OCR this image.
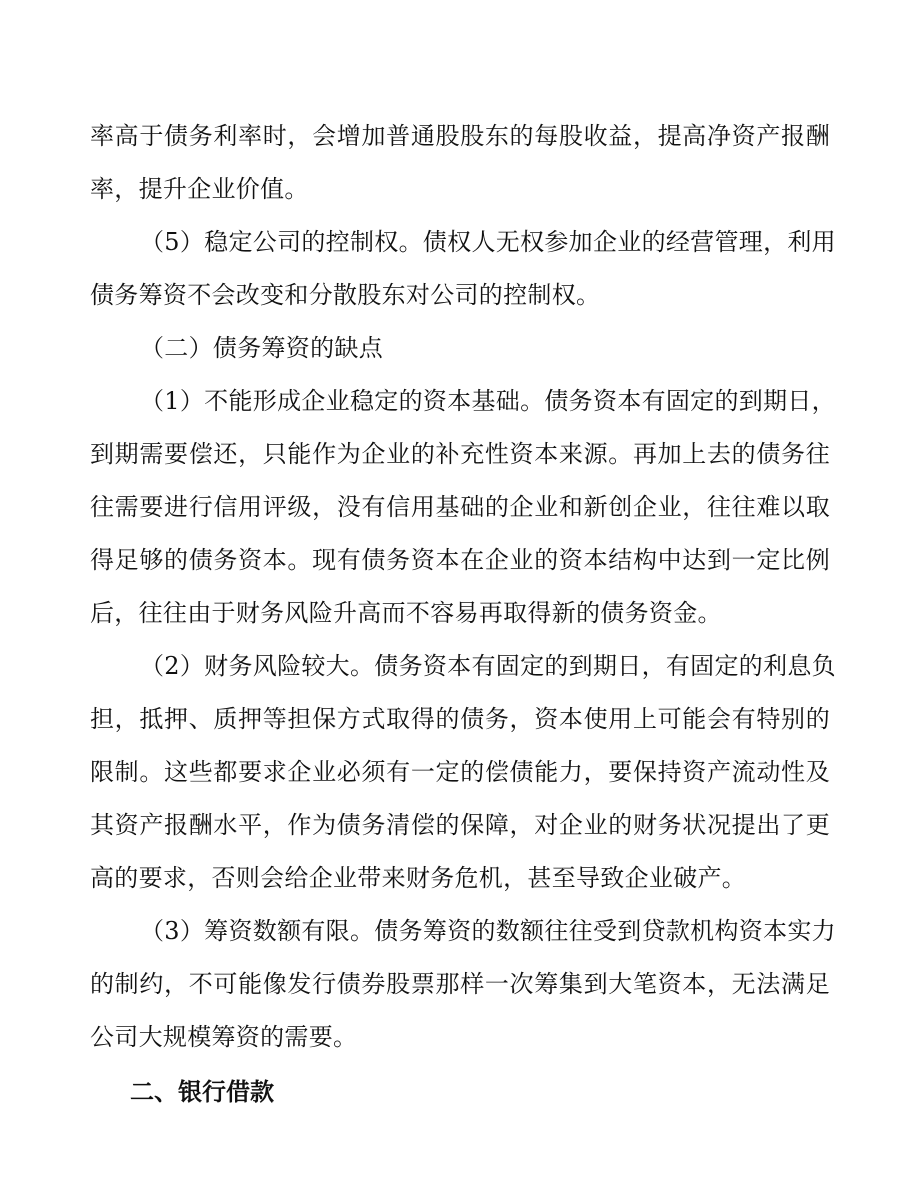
率高于债务利率时，会增加普通股股东的每股收益，提高净资产报酬
率，提升企业价值。
（5）稳定公司的控制权。债权人无权参加企业的经营管理，利用
债务筹资不会改变和分散股东对公司的控制权。
（二）债务筹资的缺点
（1）不能形成企业稳定的资本基础。债务资本有固定的到期日，
到期需要偿还，只能作为企业的补充性资本来源。再加上去的债务往
往需要进行信用评级，没有信用基础的企业和新创企业，往往难以取
得足够的债务资本。现有债务资本在企业的资本结构中达到一定比例
后，往往由于财务风险升高而不容易再取得新的债务资金。
（2）财务风险较大。债务资本有固定的到期日，有固定的利息负
担，抵押、质押等担保方式取得的债务，资本使用上可能会有特别的
限制。这些都要求企业必须有一定的偿债能力，要保持资产流动性及
其资产报酬水平，作为债务清偿的保障，对企业的财务状况提出了更
高的要求，否则会给企业带来财务危机，甚至导致企业破产。
（3）筹资数额有限。债务筹资的数额往往受到贷款机构资本实力
的制约，不可能像发行债券股票那样一次筹集到大笔资本，无法满足
公司大规模筹资的需要。
二、银行借款
